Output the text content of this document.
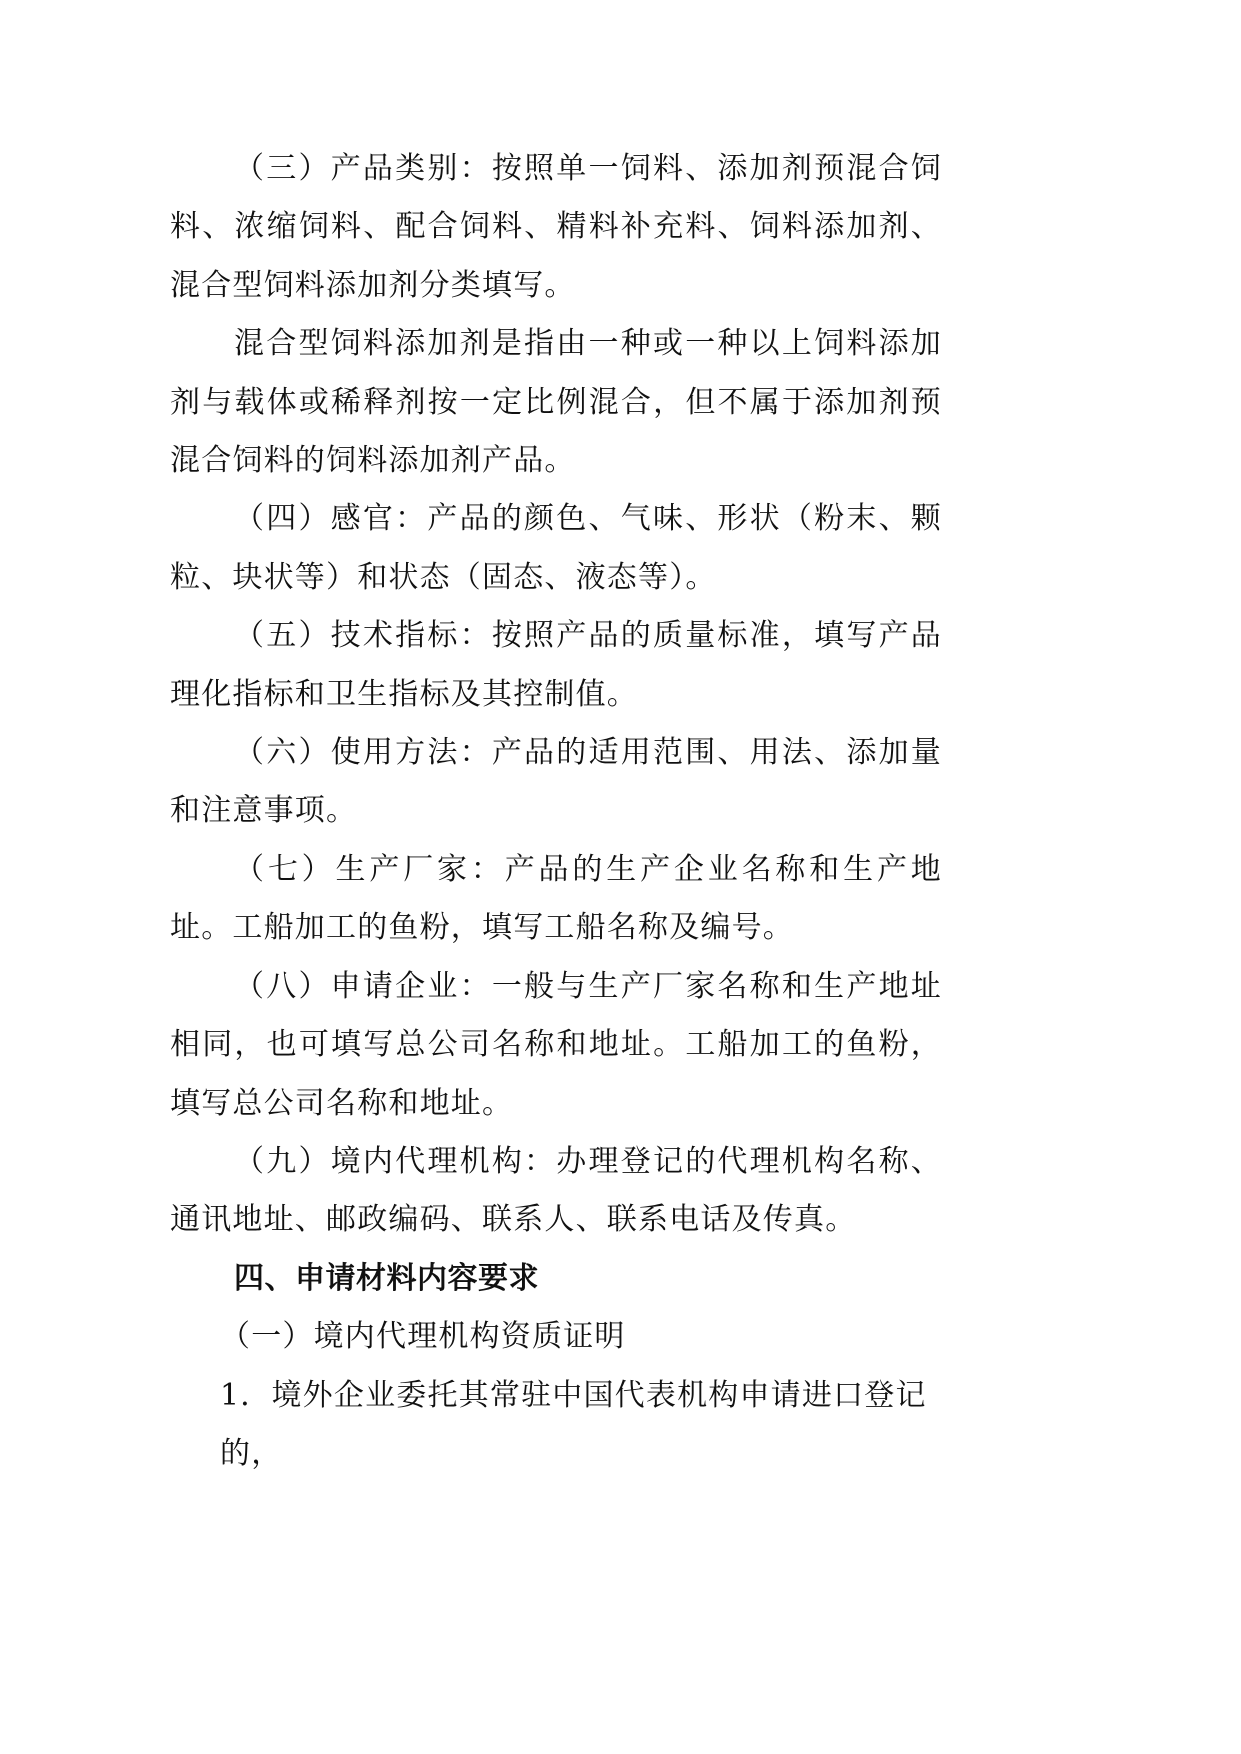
（三）产品类别：按照单一饲料、添加剂预混合饲料、浓缩饲料、配合饲料、精料补充料、饲料添加剂、混合型饲料添加剂分类填写。

混合型饲料添加剂是指由一种或一种以上饲料添加剂与载体或稀释剂按一定比例混合，但不属于添加剂预混合饲料的饲料添加剂产品。

（四）感官：产品的颜色、气味、形状（粉末、颗粒、块状等）和状态（固态、液态等）。

（五）技术指标：按照产品的质量标准，填写产品理化指标和卫生指标及其控制值。

（六）使用方法：产品的适用范围、用法、添加量和注意事项。

（七）生产厂家：产品的生产企业名称和生产地址。工船加工的鱼粉，填写工船名称及编号。

（八）申请企业：一般与生产厂家名称和生产地址相同，也可填写总公司名称和地址。工船加工的鱼粉，填写总公司名称和地址。

（九）境内代理机构：办理登记的代理机构名称、通讯地址、邮政编码、联系人、联系电话及传真。

四、申请材料内容要求

（一）境内代理机构资质证明

1．境外企业委托其常驻中国代表机构申请进口登记的，
